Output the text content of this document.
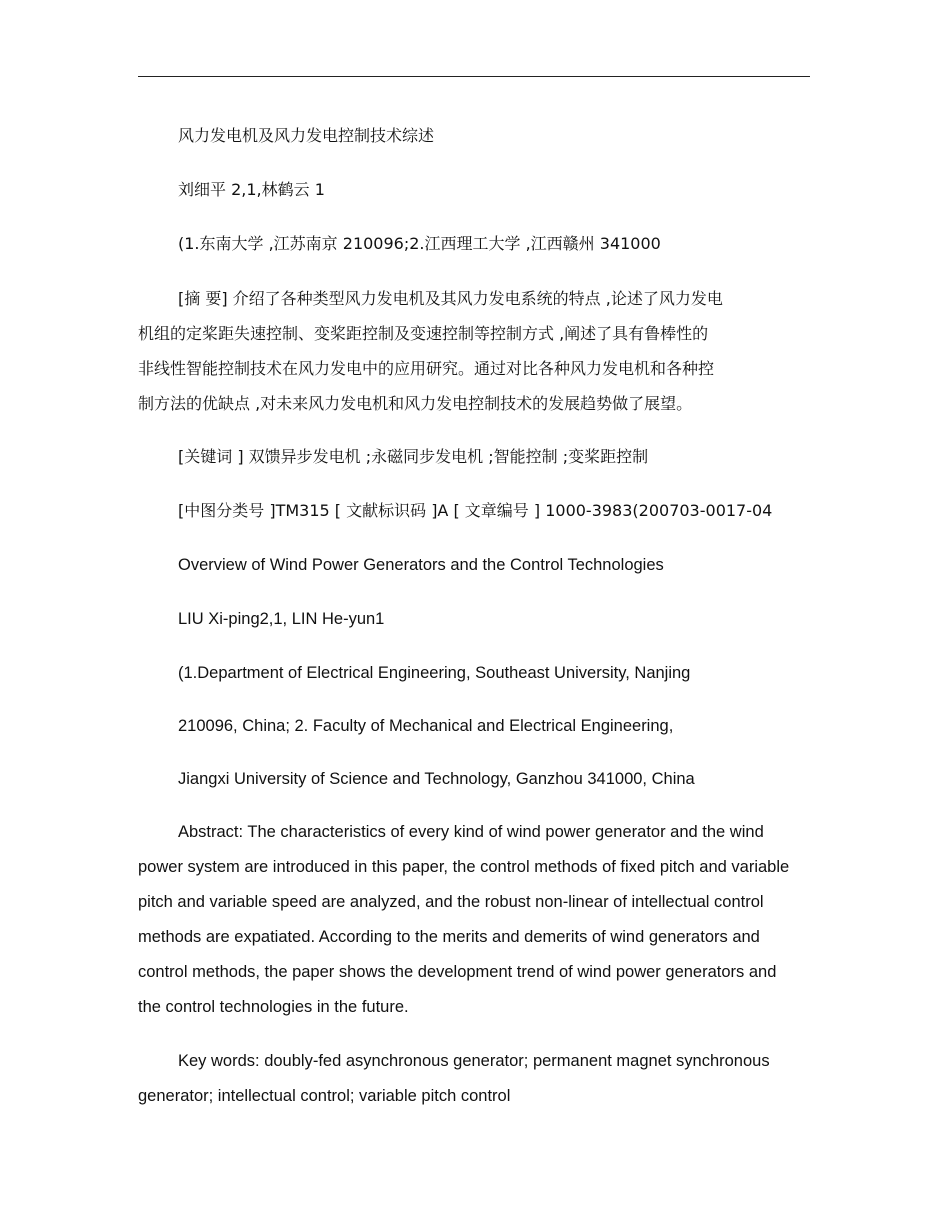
风力发电机及风力发电控制技术综述

刘细平 2,1,林鹤云 1

(1.东南大学 ,江苏南京 210096;2.江西理工大学 ,江西赣州 341000

[摘 要] 介绍了各种类型风力发电机及其风力发电系统的特点 ,论述了风力发电
机组的定桨距失速控制、变桨距控制及变速控制等控制方式 ,阐述了具有鲁棒性的
非线性智能控制技术在风力发电中的应用研究。通过对比各种风力发电机和各种控
制方法的优缺点 ,对未来风力发电机和风力发电控制技术的发展趋势做了展望。

[关键词 ] 双馈异步发电机 ;永磁同步发电机 ;智能控制 ;变桨距控制

[中图分类号 ]TM315 [ 文献标识码 ]A [ 文章编号 ] 1000-3983(200703-0017-04

Overview of Wind Power Generators and the Control Technologies

LIU Xi-ping2,1, LIN He-yun1

(1.Department of Electrical Engineering, Southeast University, Nanjing

210096, China; 2. Faculty of Mechanical and Electrical Engineering,

Jiangxi University of Science and Technology, Ganzhou 341000, China

Abstract: The characteristics of every kind of wind power generator and the wind
power system are introduced in this paper, the control methods of fixed pitch and variable
pitch and variable speed are analyzed, and the robust non-linear of intellectual control
methods are expatiated. According to the merits and demerits of wind generators and
control methods, the paper shows the development trend of wind power generators and
the control technologies in the future.
Key words: doubly-fed asynchronous generator; permanent magnet synchronous
generator; intellectual control; variable pitch control
